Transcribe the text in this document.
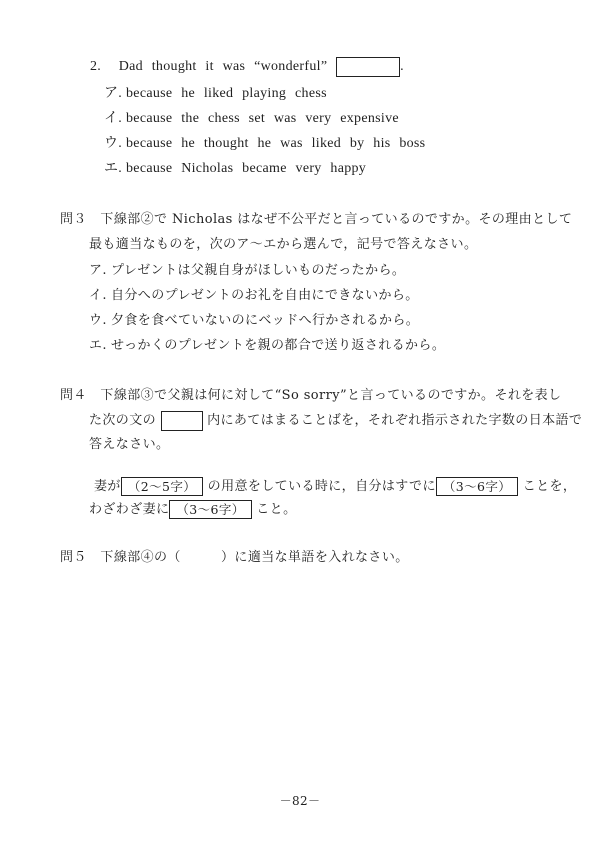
2. Dad thought it was “wonderful”	.
ア. because he liked playing chess
イ. because the chess set was very expensive
ウ. because he thought he was liked by his boss
エ. because Nicholas became very happy
問３ 下線部②で Nicholas はなぜ不公平だと言っているのですか。その理由として
最も適当なものを，次のア～エから選んで，記号で答えなさい。
ア. プレゼントは父親自身がほしいものだったから。
イ. 自分へのプレゼントのお礼を自由にできないから。
ウ. 夕食を食べていないのにベッドへ行かされるから。
エ. せっかくのプレゼントを親の都合で送り返されるから。
問４ 下線部③で父親は何に対して“So sorry”と言っているのですか。それを表し
た次の文の	内にあてはまることばを，それぞれ指示された字数の日本語で
答えなさい。
妻が （2～5字） の用意をしている時に，自分はすでに （3～6字） ことを，
わざわざ妻に （3～6字） こと。
問５ 下線部④の（　　　）に適当な単語を入れなさい。
－82－
